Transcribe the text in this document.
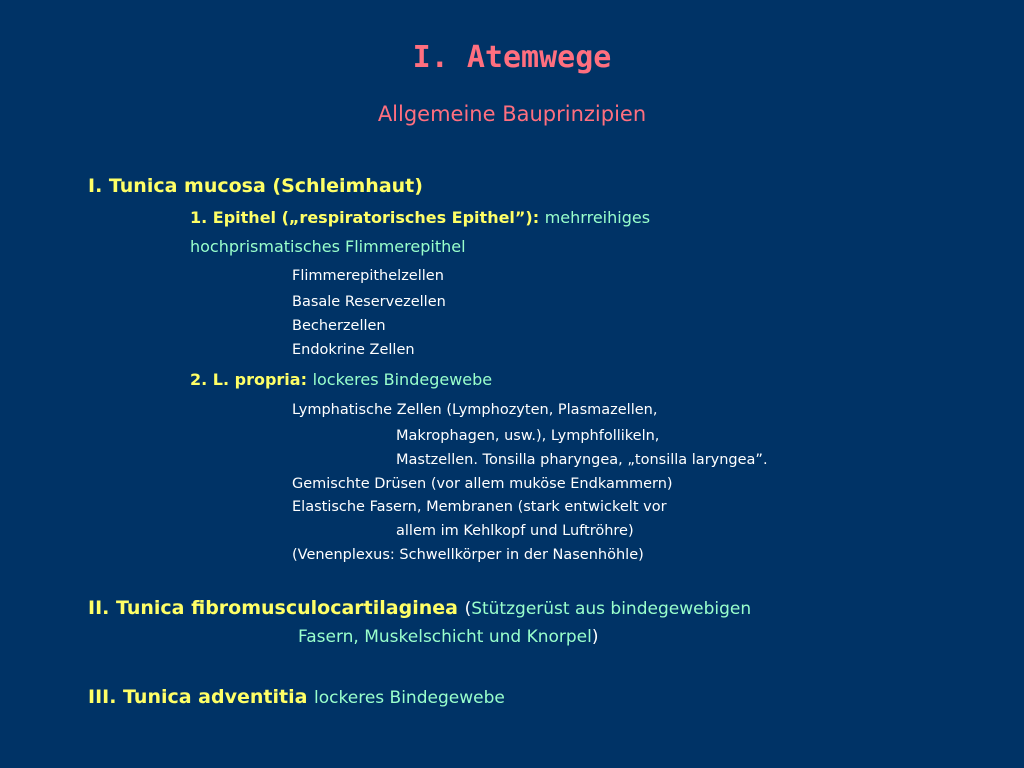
I. Atemwege
Allgemeine Bauprinzipien
I. Tunica mucosa (Schleimhaut)
1. Epithel („respiratorisches Epithel”): mehrreihiges
hochprismatisches Flimmerepithel
Flimmerepithelzellen
Basale Reservezellen
Becherzellen
Endokrine Zellen
2. L. propria: lockeres Bindegewebe
Lymphatische Zellen (Lymphozyten, Plasmazellen,
Makrophagen, usw.), Lymphfollikeln,
Mastzellen. Tonsilla pharyngea, „tonsilla laryngea”.
Gemischte Drüsen (vor allem muköse Endkammern)
Elastische Fasern, Membranen (stark entwickelt vor
allem im Kehlkopf und Luftröhre)
(Venenplexus: Schwellkörper in der Nasenhöhle)
II. Tunica fibromusculocartilaginea (Stützgerüst aus bindegewebigen
Fasern, Muskelschicht und Knorpel)
III. Tunica adventitia lockeres Bindegewebe
